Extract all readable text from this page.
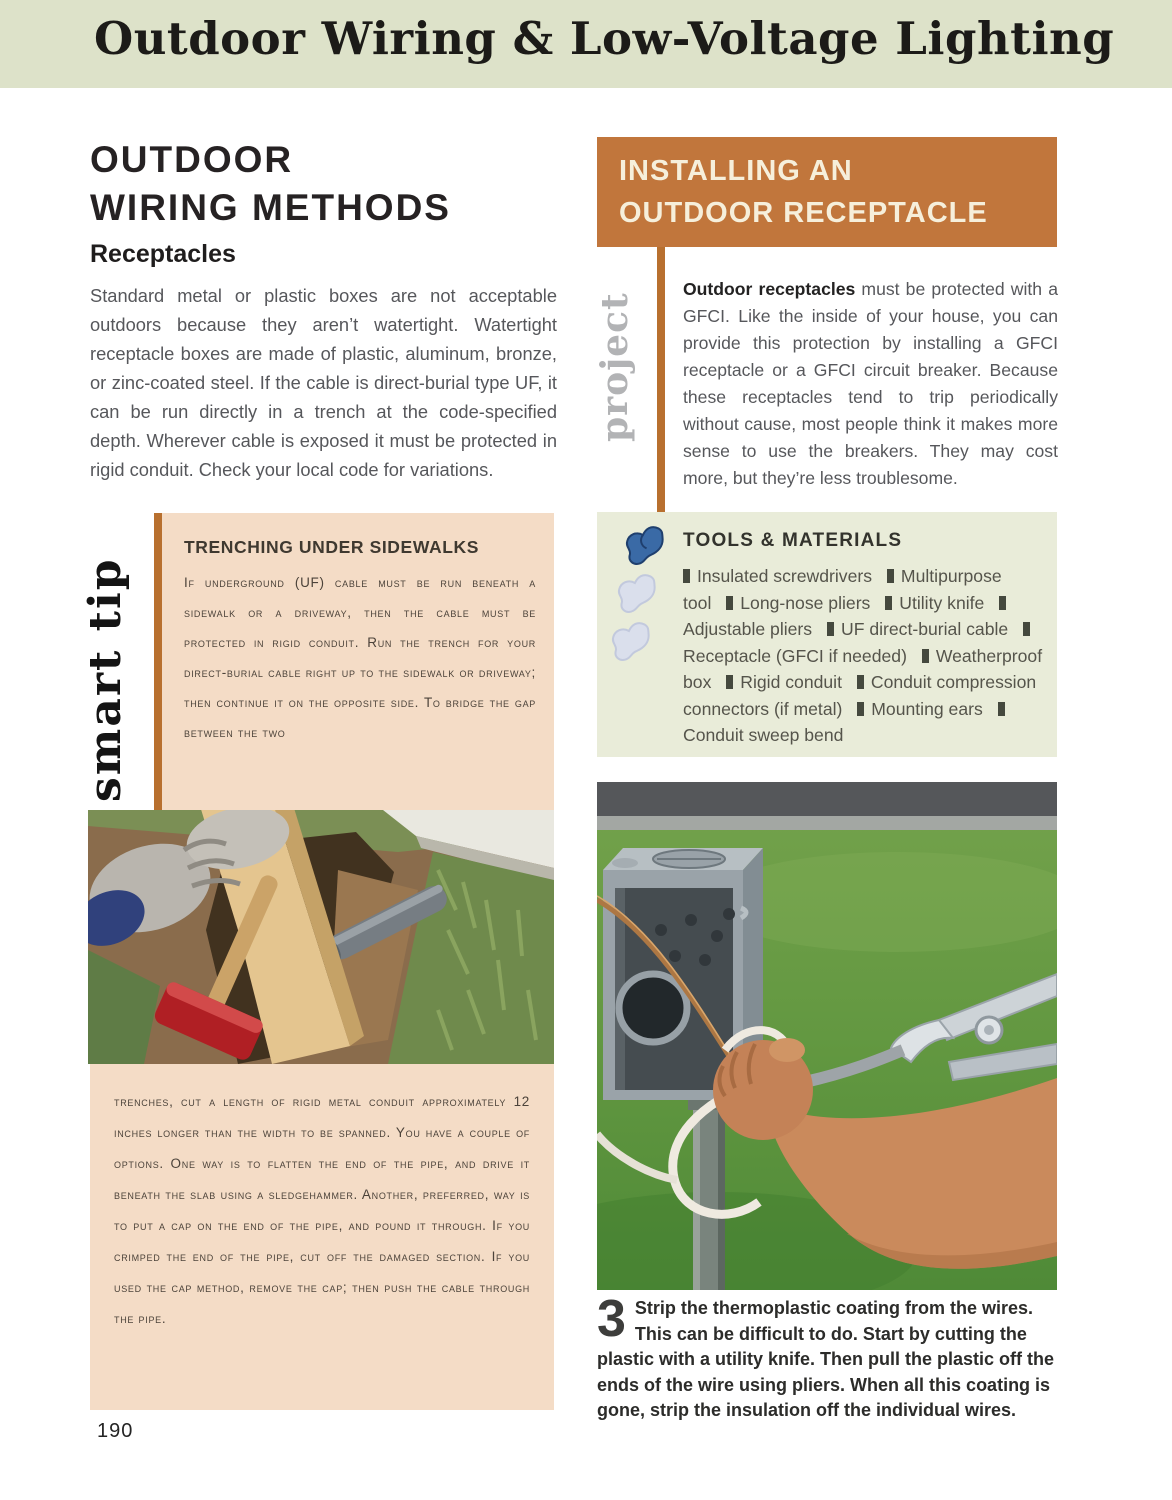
Outdoor Wiring & Low-Voltage Lighting
OUTDOOR
WIRING METHODS
Receptacles
Standard metal or plastic boxes are not acceptable outdoors because they aren’t watertight. Watertight receptacle boxes are made of plastic, aluminum, bronze, or zinc-coated steel. If the cable is direct-burial type UF, it can be run directly in a trench at the code-specified depth. Wherever cable is exposed it must be protected in rigid conduit. Check your local code for variations.
smart tip
TRENCHING UNDER SIDEWALKS
If underground (UF) cable must be run beneath a sidewalk or a driveway, then the cable must be protected in rigid conduit. Run the trench for your direct-burial cable right up to the sidewalk or driveway; then continue it on the opposite side. To bridge the gap between the two
trenches, cut a length of rigid metal conduit approximately 12 inches longer than the width to be spanned. You have a couple of options. One way is to flatten the end of the pipe, and drive it beneath the slab using a sledgehammer. Another, preferred, way is to put a cap on the end of the pipe, and pound it through. If you crimped the end of the pipe, cut off the damaged section. If you used the cap method, remove the cap; then push the cable through the pipe.
190
INSTALLING AN
OUTDOOR RECEPTACLE
project
Outdoor receptacles must be protected with a GFCI. Like the inside of your house, you can provide this protection by installing a GFCI receptacle or a GFCI circuit breaker. Because these receptacles tend to trip periodically without cause, most people think it makes more sense to use the breakers. They may cost more, but they’re less troublesome.
TOOLS & MATERIALS
Insulated screwdrivers Multipurpose tool Long-nose pliers Utility knife Adjustable pliers UF direct-burial cable Receptacle (GFCI if needed) Weatherproof box Rigid conduit Conduit compression connectors (if metal) Mounting ears Conduit sweep bend
3 Strip the thermoplastic coating from the wires. This can be difficult to do. Start by cutting the plastic with a utility knife. Then pull the plastic off the ends of the wire using pliers. When all this coating is gone, strip the insulation off the individual wires.
